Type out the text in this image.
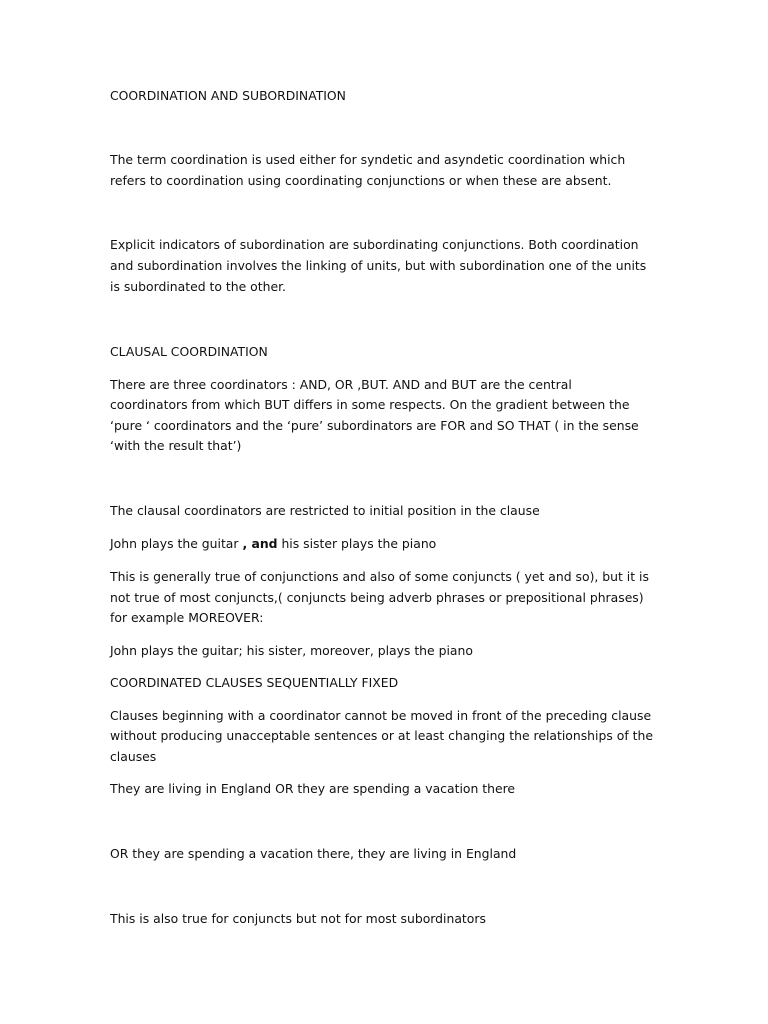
COORDINATION AND SUBORDINATION
The term coordination is used either for syndetic and asyndetic coordination which
refers to coordination using coordinating conjunctions or when these are absent.
Explicit indicators of subordination are subordinating conjunctions. Both coordination
and subordination involves the linking of units, but with subordination one of the units
is subordinated to the other.
CLAUSAL COORDINATION
There are three coordinators : AND, OR ,BUT. AND and BUT are the central
coordinators from which BUT differs in some respects. On the gradient between the
‘pure ‘ coordinators and the ‘pure’ subordinators are FOR and SO THAT ( in the sense
‘with the result that’)
The clausal coordinators are restricted to initial position in the clause
John plays the guitar , and his sister plays the piano
This is generally true of conjunctions and also of some conjuncts ( yet and so), but it is
not true of most conjuncts,( conjuncts being adverb phrases or prepositional phrases)
for example MOREOVER:
John plays the guitar; his sister, moreover, plays the piano
COORDINATED CLAUSES SEQUENTIALLY FIXED
Clauses beginning with a coordinator cannot be moved in front of the preceding clause
without producing unacceptable sentences or at least changing the relationships of the
clauses
They are living in England OR they are spending a vacation there
OR they are spending a vacation there, they are living in England
This is also true for conjuncts but not for most subordinators
